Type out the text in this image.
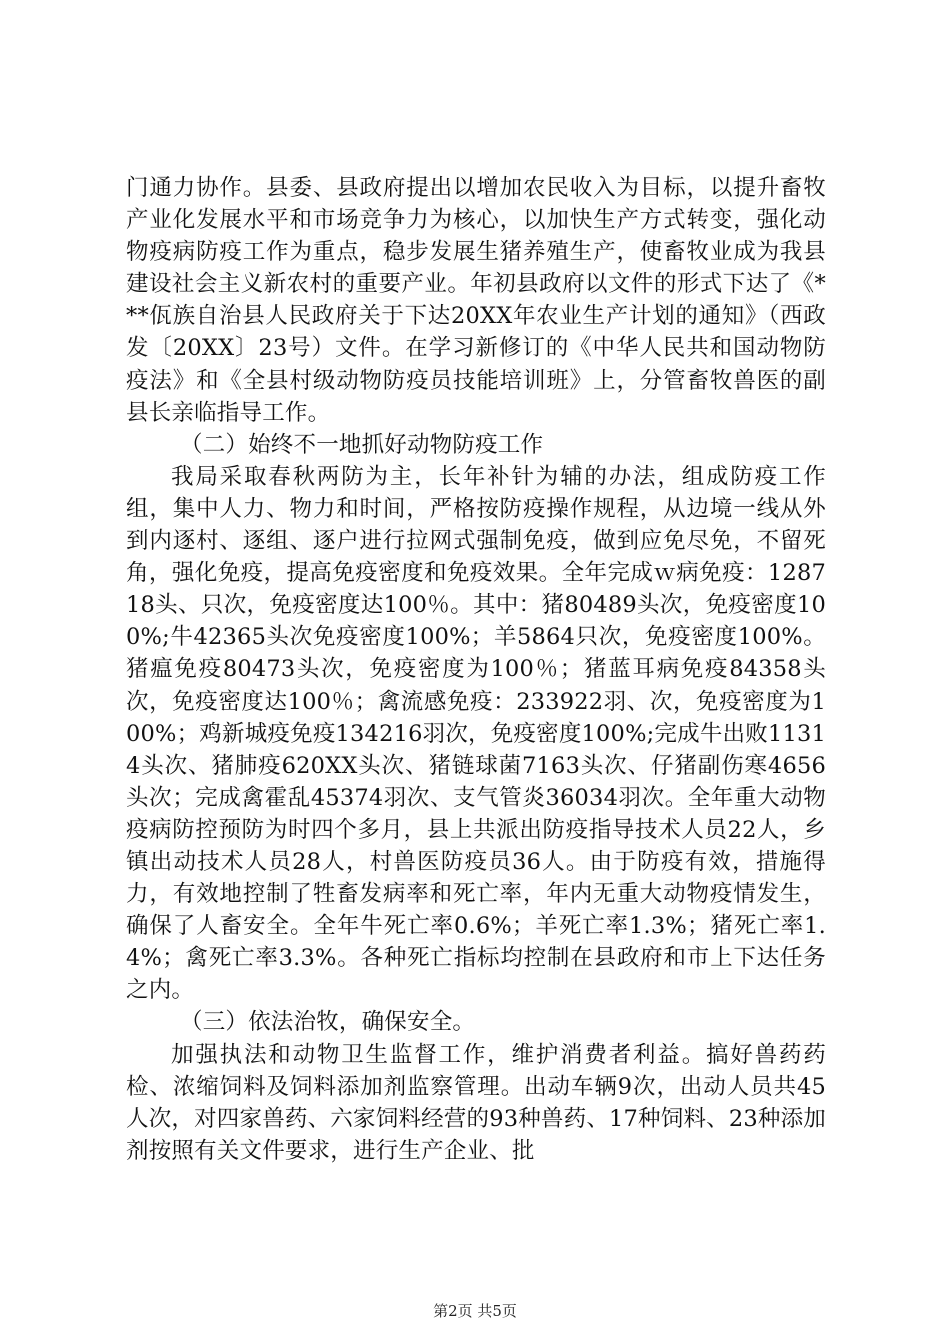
门通力协作。县委、县政府提出以增加农民收入为目标，以提升畜牧产业化发展水平和市场竞争力为核心，以加快生产方式转变，强化动物疫病防疫工作为重点，稳步发展生猪养殖生产，使畜牧业成为我县建设社会主义新农村的重要产业。年初县政府以文件的形式下达了《***佤族自治县人民政府关于下达20XX年农业生产计划的通知》（西政发〔20XX〕23号）文件。在学习新修订的《中华人民共和国动物防疫法》和《全县村级动物防疫员技能培训班》上，分管畜牧兽医的副县长亲临指导工作。

（二）始终不一地抓好动物防疫工作

我局采取春秋两防为主，长年补针为辅的办法，组成防疫工作组，集中人力、物力和时间，严格按防疫操作规程，从边境一线从外到内逐村、逐组、逐户进行拉网式强制免疫，做到应免尽免，不留死角，强化免疫，提高免疫密度和免疫效果。全年完成ｗ病免疫：128718头、只次，免疫密度达100％。其中：猪80489头次，免疫密度100%;牛42365头次免疫密度100%；羊5864只次，免疫密度100%。猪瘟免疫80473头次，免疫密度为100％；猪蓝耳病免疫84358头次，免疫密度达100％；禽流感免疫：233922羽、次，免疫密度为100%；鸡新城疫免疫134216羽次，免疫密度100%;完成牛出败11314头次、猪肺疫620XX头次、猪链球菌7163头次、仔猪副伤寒4656头次；完成禽霍乱45374羽次、支气管炎36034羽次。全年重大动物疫病防控预防为时四个多月，县上共派出防疫指导技术人员22人，乡镇出动技术人员28人，村兽医防疫员36人。由于防疫有效，措施得力，有效地控制了牲畜发病率和死亡率，年内无重大动物疫情发生，确保了人畜安全。全年牛死亡率0.6%；羊死亡率1.3%；猪死亡率1.4%；禽死亡率3.3%。各种死亡指标均控制在县政府和市上下达任务之内。

（三）依法治牧，确保安全。

加强执法和动物卫生监督工作，维护消费者利益。搞好兽药药检、浓缩饲料及饲料添加剂监察管理。出动车辆9次，出动人员共45人次，对四家兽药、六家饲料经营的93种兽药、17种饲料、23种添加剂按照有关文件要求，进行生产企业、批

第2页 共5页
